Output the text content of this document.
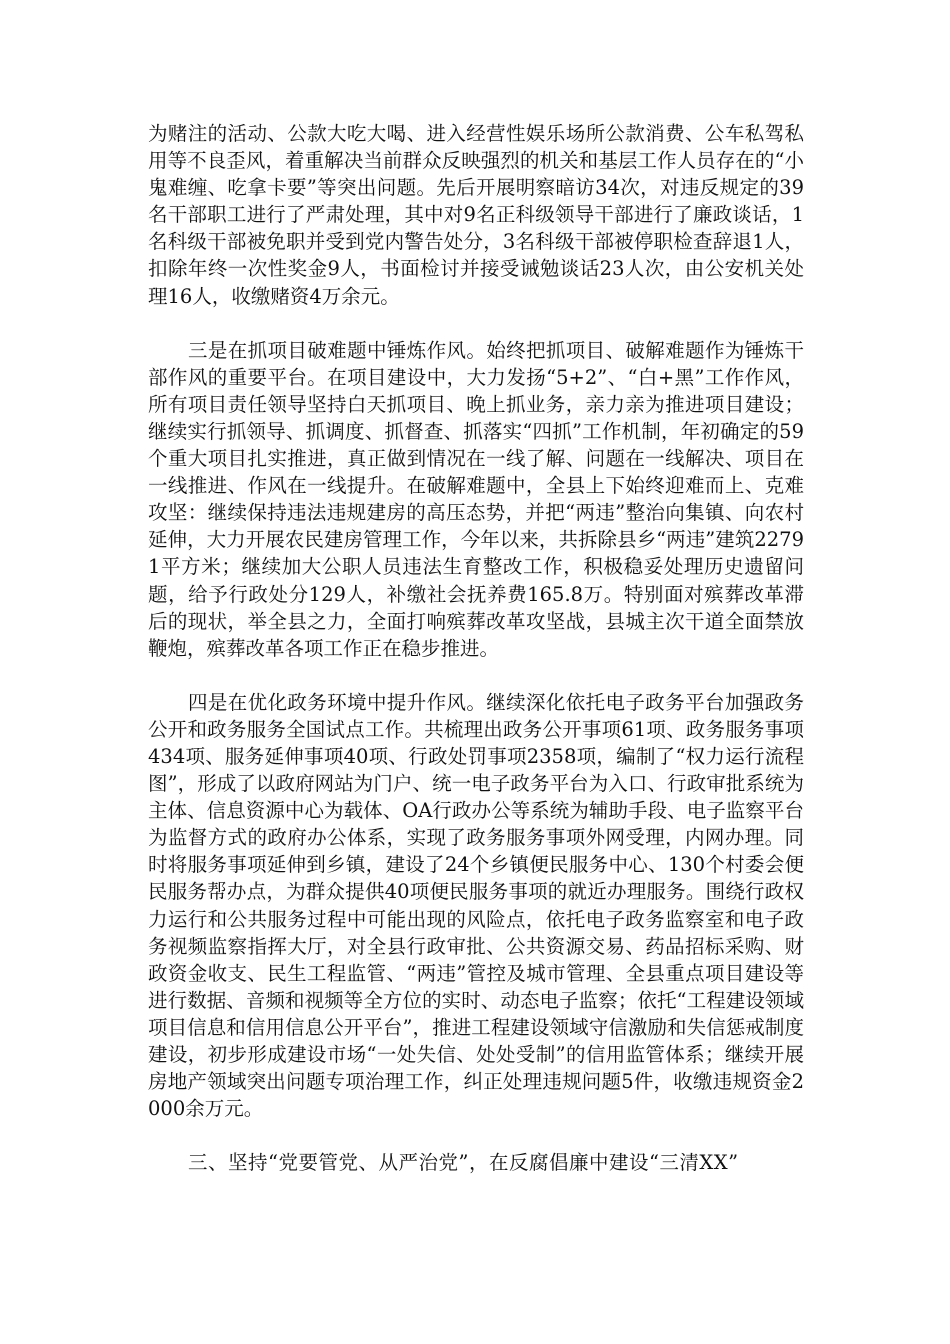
为赌注的活动、公款大吃大喝、进入经营性娱乐场所公款消费、公车私驾私用等不良歪风，着重解决当前群众反映强烈的机关和基层工作人员存在的“小鬼难缠、吃拿卡要”等突出问题。先后开展明察暗访34次，对违反规定的39名干部职工进行了严肃处理，其中对9名正科级领导干部进行了廉政谈话，1名科级干部被免职并受到党内警告处分，3名科级干部被停职检查辞退1人，扣除年终一次性奖金9人，书面检讨并接受诫勉谈话23人次，由公安机关处理16人，收缴赌资4万余元。

三是在抓项目破难题中锤炼作风。始终把抓项目、破解难题作为锤炼干部作风的重要平台。在项目建设中，大力发扬“5+2”、“白+黑”工作作风，所有项目责任领导坚持白天抓项目、晚上抓业务，亲力亲为推进项目建设；继续实行抓领导、抓调度、抓督查、抓落实“四抓”工作机制，年初确定的59个重大项目扎实推进，真正做到情况在一线了解、问题在一线解决、项目在一线推进、作风在一线提升。在破解难题中，全县上下始终迎难而上、克难攻坚：继续保持违法违规建房的高压态势，并把“两违”整治向集镇、向农村延伸，大力开展农民建房管理工作，今年以来，共拆除县乡“两违”建筑22791平方米；继续加大公职人员违法生育整改工作，积极稳妥处理历史遗留问题，给予行政处分129人，补缴社会抚养费165.8万。特别面对殡葬改革滞后的现状，举全县之力，全面打响殡葬改革攻坚战，县城主次干道全面禁放鞭炮，殡葬改革各项工作正在稳步推进。

四是在优化政务环境中提升作风。继续深化依托电子政务平台加强政务公开和政务服务全国试点工作。共梳理出政务公开事项61项、政务服务事项434项、服务延伸事项40项、行政处罚事项2358项，编制了“权力运行流程图”，形成了以政府网站为门户、统一电子政务平台为入口、行政审批系统为主体、信息资源中心为载体、OA行政办公等系统为辅助手段、电子监察平台为监督方式的政府办公体系，实现了政务服务事项外网受理，内网办理。同时将服务事项延伸到乡镇，建设了24个乡镇便民服务中心、130个村委会便民服务帮办点，为群众提供40项便民服务事项的就近办理服务。围绕行政权力运行和公共服务过程中可能出现的风险点，依托电子政务监察室和电子政务视频监察指挥大厅，对全县行政审批、公共资源交易、药品招标采购、财政资金收支、民生工程监管、“两违”管控及城市管理、全县重点项目建设等进行数据、音频和视频等全方位的实时、动态电子监察；依托“工程建设领域项目信息和信用信息公开平台”，推进工程建设领域守信激励和失信惩戒制度建设，初步形成建设市场“一处失信、处处受制”的信用监管体系；继续开展房地产领域突出问题专项治理工作，纠正处理违规问题5件，收缴违规资金2000余万元。

三、坚持“党要管党、从严治党”，在反腐倡廉中建设“三清XX”
